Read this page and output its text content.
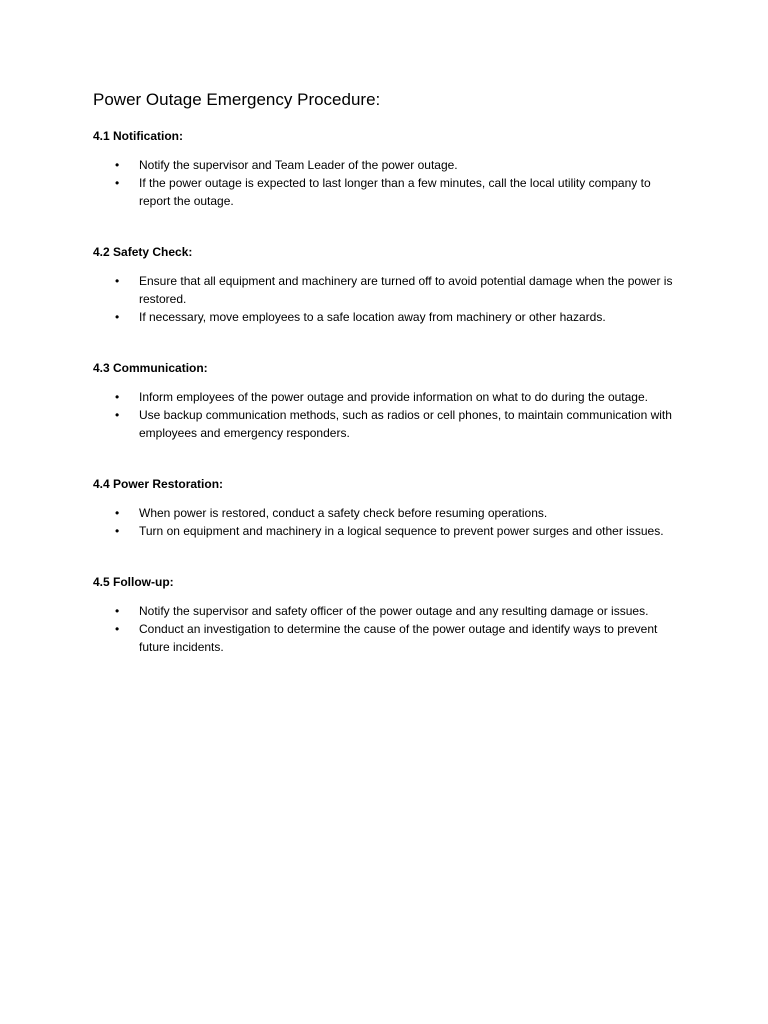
Power Outage Emergency Procedure:
4.1 Notification:
• Notify the supervisor and Team Leader of the power outage.
• If the power outage is expected to last longer than a few minutes, call the local utility company to report the outage.
4.2 Safety Check:
• Ensure that all equipment and machinery are turned off to avoid potential damage when the power is restored.
• If necessary, move employees to a safe location away from machinery or other hazards.
4.3 Communication:
• Inform employees of the power outage and provide information on what to do during the outage.
• Use backup communication methods, such as radios or cell phones, to maintain communication with employees and emergency responders.
4.4 Power Restoration:
• When power is restored, conduct a safety check before resuming operations.
• Turn on equipment and machinery in a logical sequence to prevent power surges and other issues.
4.5 Follow-up:
• Notify the supervisor and safety officer of the power outage and any resulting damage or issues.
• Conduct an investigation to determine the cause of the power outage and identify ways to prevent future incidents.
